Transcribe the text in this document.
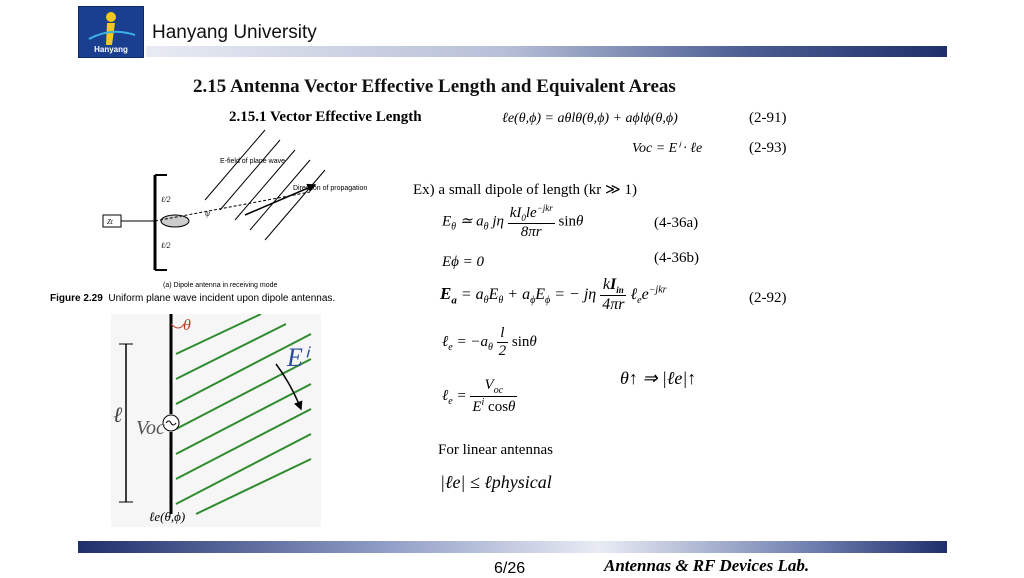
Hanyang
Hanyang University
2.15 Antenna Vector Effective Length and Equivalent Areas
2.15.1 Vector Effective Length	ℓe(θ,ϕ) = aθlθ(θ,ϕ) + aϕlϕ(θ,ϕ)	(2-91)
Voc = Eⁱ · ℓe	(2-93)
Ex) a small dipole of length (kr ≫ 1)
$E_\theta$ ≃ $a_\theta$ jη $\frac{kI_0le^{-jkr}}{8\pi r}$ sinθ	(4-36a)
Eϕ = 0	(4-36b)
$E_a = a_\theta E_\theta + a_\phi E_\phi$ = − jη $\frac{kI_{in}}{4\pi r}$ $\ell_ee^{-jkr}$
(2-92)
ℓ$_e$ = $-a_\theta \frac{l}{2}$ sinθ
ℓ$_e$ = $\frac{V_{oc}}{E^i \cos\theta}$	θ↑ ⇒ |ℓe|↑
For linear antennas
|ℓe| ≤ ℓphysical
E-field of plane wave
Direction of propagation
Zt
ℓ/2
ℓ/2
ψ
(a) Dipole antenna in receiving mode
Figure 2.29 Uniform plane wave incident upon dipole antennas.
θ
Eⁱ
ℓ
Voc
ℓe(θ,ϕ)
6/26	Antennas & RF Devices Lab.
